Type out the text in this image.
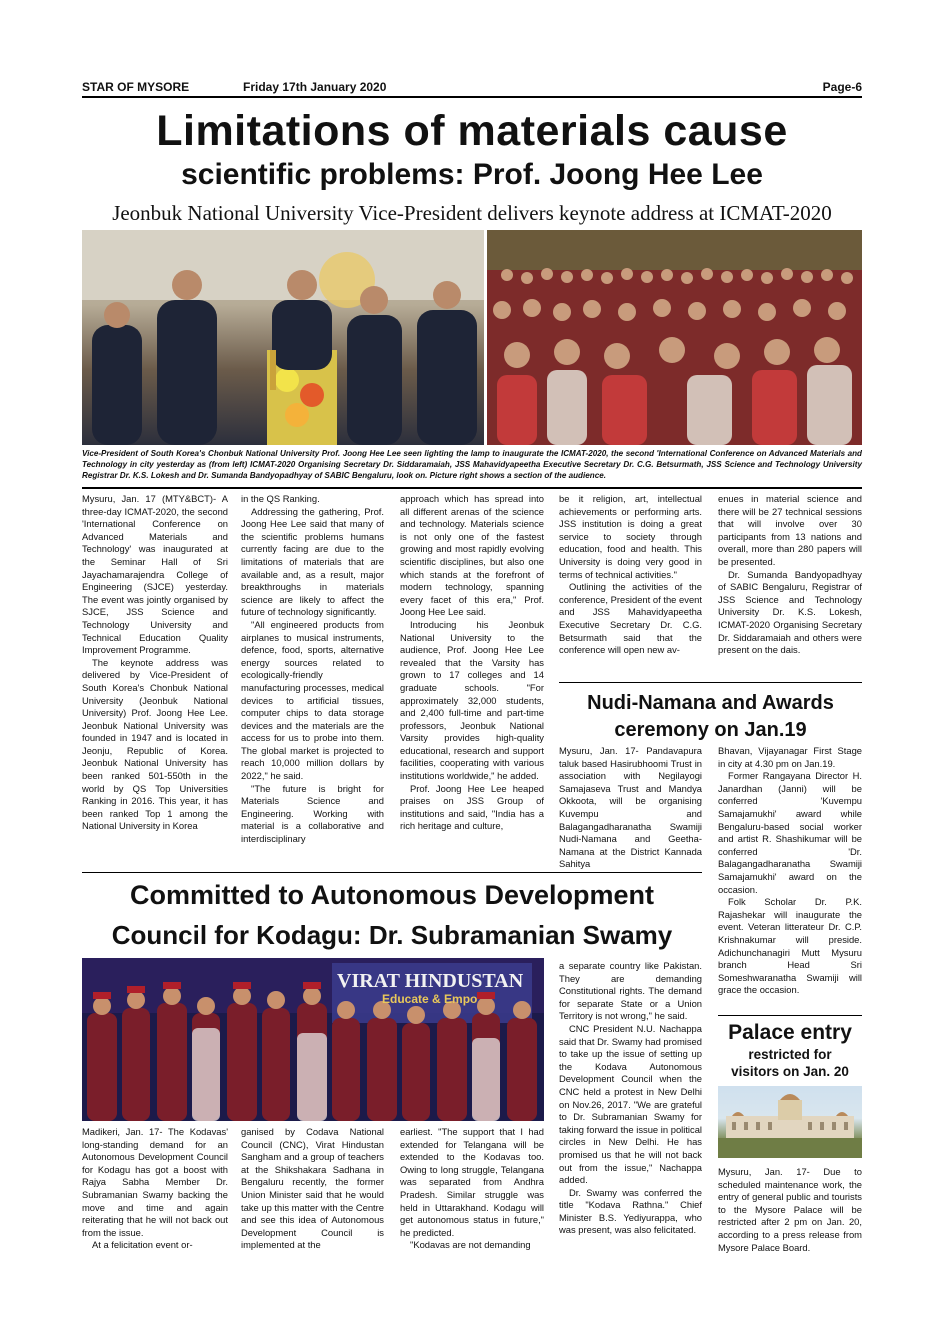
STAR OF MYSORE	Friday 17th January 2020	Page-6
Limitations of materials cause
scientific problems: Prof. Joong Hee Lee
Jeonbuk National University Vice-President delivers keynote address at ICMAT-2020
Vice-President of South Korea's Chonbuk National University Prof. Joong Hee Lee seen lighting the lamp to inaugurate the ICMAT-2020, the second 'International Conference on Advanced Materials and Technology in city yesterday as (from left) ICMAT-2020 Organising Secretary Dr. Siddaramaiah, JSS Mahavidyapeetha Executive Secretary Dr. C.G. Betsurmath, JSS Science and Technology University Registrar Dr. K.S. Lokesh and Dr. Sumanda Bandyopadhyay of SABIC Bengaluru, look on. Picture right shows a section of the audience.

Mysuru, Jan. 17 (MTY&BCT)- A three-day ICMAT-2020, the second 'International Conference on Advanced Materials and Technology' was inaugurated at the Seminar Hall of Sri Jayachamarajendra College of Engineering (SJCE) yesterday. The event was jointly organised by SJCE, JSS Science and Technology University and Technical Education Quality Improvement Programme.

The keynote address was delivered by Vice-President of South Korea's Chonbuk National University (Jeonbuk National University) Prof. Joong Hee Lee. Jeonbuk National University was founded in 1947 and is located in Jeonju, Republic of Korea. Jeonbuk National University has been ranked 501-550th in the world by QS Top Universities Ranking in 2016. This year, it has been ranked Top 1 among the National University in Korea

in the QS Ranking.

Addressing the gathering, Prof. Joong Hee Lee said that many of the scientific problems humans currently facing are due to the limitations of materials that are available and, as a result, major breakthroughs in materials science are likely to affect the future of technology significantly.

"All engineered products from airplanes to musical instruments, defence, food, sports, alternative energy sources related to ecologically-friendly manufacturing processes, medical devices to artificial tissues, computer chips to data storage devices and the materials are the access for us to probe into them. The global market is projected to reach 10,000 million dollars by 2022," he said.

"The future is bright for Materials Science and Engineering. Working with material is a collaborative and interdisciplinary

approach which has spread into all different arenas of the science and technology. Materials science is not only one of the fastest growing and most rapidly evolving scientific disciplines, but also one which stands at the forefront of modern technology, spanning every facet of this era," Prof. Joong Hee Lee said.

Introducing his Jeonbuk National University to the audience, Prof. Joong Hee Lee revealed that the Varsity has grown to 17 colleges and 14 graduate schools. "For approximately 32,000 students, and 2,400 full-time and part-time professors, Jeonbuk National Varsity provides high-quality educational, research and support facilities, cooperating with various institutions worldwide," he added.

Prof. Joong Hee Lee heaped praises on JSS Group of institutions and said, "India has a rich heritage and culture,

be it religion, art, intellectual achievements or performing arts. JSS institution is doing a great service to society through education, food and health. This University is doing very good in terms of technical activities."

Outlining the activities of the conference, President of the event and JSS Mahavidyapeetha Executive Secretary Dr. C.G. Betsurmath said that the conference will open new av-

enues in material science and there will be 27 technical sessions that will involve over 30 participants from 13 nations and overall, more than 280 papers will be presented.

Dr. Sumanda Bandyopadhyay of SABIC Bengaluru, Registrar of JSS Science and Technology University Dr. K.S. Lokesh, ICMAT-2020 Organising Secretary Dr. Siddaramaiah and others were present on the dais.

Nudi-Namana and Awards
ceremony on Jan.19

Mysuru, Jan. 17- Pandavapura taluk based Hasirubhoomi Trust in association with Negilayogi Samajaseva Trust and Mandya Okkoota, will be organising Kuvempu and Balagangadharanatha Swamiji Nudi-Namana and Geetha-Namana at the District Kannada Sahitya

Bhavan, Vijayanagar First Stage in city at 4.30 pm on Jan.19.

Former Rangayana Director H. Janardhan (Janni) will be conferred 'Kuvempu Samajamukhi' award while Bengaluru-based social worker and artist R. Shashikumar will be conferred 'Dr. Balagangadharanatha Swamiji Samajamukhi' award on the occasion.

Folk Scholar Dr. P.K. Rajashekar will inaugurate the event. Veteran litterateur Dr. C.P. Krishnakumar will preside. Adichunchanagiri Mutt Mysuru branch Head Sri Someshwaranatha Swamiji will grace the occasion.

Committed to Autonomous Development
Council for Kodagu: Dr. Subramanian Swamy
VIRAT HINDUSTAN
Educate & Empo

Madikeri, Jan. 17- The Kodavas' long-standing demand for an Autonomous Development Council for Kodagu has got a boost with Rajya Sabha Member Dr. Subramanian Swamy backing the move and time and again reiterating that he will not back out from the issue.

At a felicitation event or-

ganised by Codava National Council (CNC), Virat Hindustan Sangham and a group of teachers at the Shikshakara Sadhana in Bengaluru recently, the former Union Minister said that he would take up this matter with the Centre and see this idea of Autonomous Development Council is implemented at the

earliest. "The support that I had extended for Telangana will be extended to the Kodavas too. Owing to long struggle, Telangana was separated from Andhra Pradesh. Similar struggle was held in Uttarakhand. Kodagu will get autonomous status in future," he predicted.

"Kodavas are not demanding

a separate country like Pakistan. They are demanding Constitutional rights. The demand for separate State or a Union Territory is not wrong," he said.

CNC President N.U. Nachappa said that Dr. Swamy had promised to take up the issue of setting up the Kodava Autonomous Development Council when the CNC held a protest in New Delhi on Nov.26, 2017. "We are grateful to Dr. Subramanian Swamy for taking forward the issue in political circles in New Delhi. He has promised us that he will not back out from the issue," Nachappa added.

Dr. Swamy was conferred the title "Kodava Rathna." Chief Minister B.S. Yediyurappa, who was present, was also felicitated.

Palace entry
restricted for
visitors on Jan. 20

Mysuru, Jan. 17- Due to scheduled maintenance work, the entry of general public and tourists to the Mysore Palace will be restricted after 2 pm on Jan. 20, according to a press release from Mysore Palace Board.
